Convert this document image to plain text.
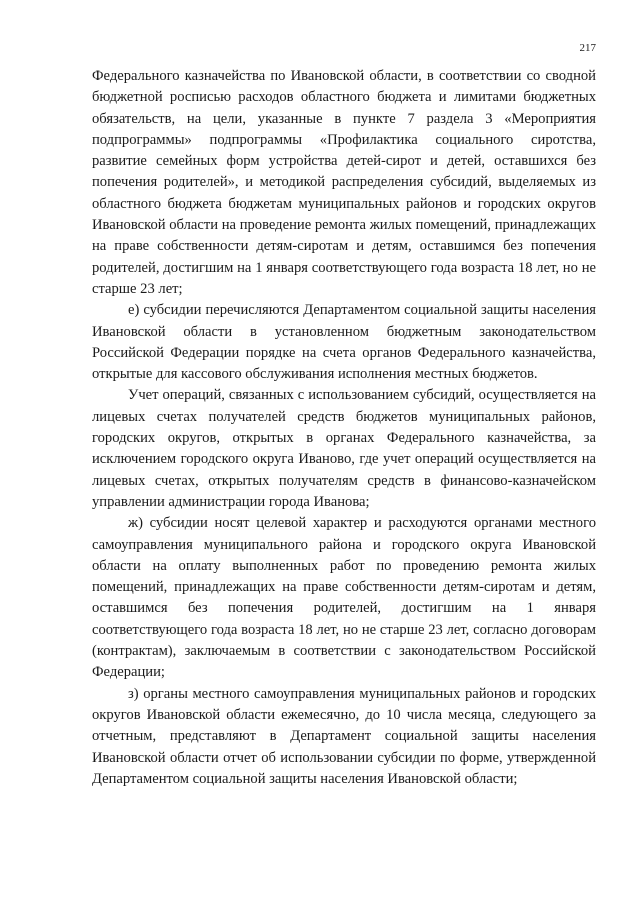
217

Федерального казначейства по Ивановской области, в соответствии со сводной бюджетной росписью расходов областного бюджета и лимитами бюджетных обязательств, на цели, указанные в пункте 7 раздела 3 «Мероприятия подпрограммы» подпрограммы «Профилактика социального сиротства, развитие семейных форм устройства детей-сирот и детей, оставшихся без попечения родителей», и методикой распределения субсидий, выделяемых из областного бюджета бюджетам муниципальных районов и городских округов Ивановской области на проведение ремонта жилых помещений, принадлежащих на праве собственности детям-сиротам и детям, оставшимся без попечения родителей, достигшим на 1 января соответствующего года возраста 18 лет, но не старше 23 лет;

е) субсидии перечисляются Департаментом социальной защиты населения Ивановской области в установленном бюджетным законодательством Российской Федерации порядке на счета органов Федерального казначейства, открытые для кассового обслуживания исполнения местных бюджетов.

Учет операций, связанных с использованием субсидий, осуществляется на лицевых счетах получателей средств бюджетов муниципальных районов, городских округов, открытых в органах Федерального казначейства, за исключением городского округа Иваново, где учет операций осуществляется на лицевых счетах, открытых получателям средств в финансово-казначейском управлении администрации города Иванова;

ж) субсидии носят целевой характер и расходуются органами местного самоуправления муниципального района и городского округа Ивановской области на оплату выполненных работ по проведению ремонта жилых помещений, принадлежащих на праве собственности детям-сиротам и детям, оставшимся без попечения родителей, достигшим на 1 января соответствующего года возраста 18 лет, но не старше 23 лет, согласно договорам (контрактам), заключаемым в соответствии с законодательством Российской Федерации;

з) органы местного самоуправления муниципальных районов и городских округов Ивановской области ежемесячно, до 10 числа месяца, следующего за отчетным, представляют в Департамент социальной защиты населения Ивановской области отчет об использовании субсидии по форме, утвержденной Департаментом социальной защиты населения Ивановской области;
